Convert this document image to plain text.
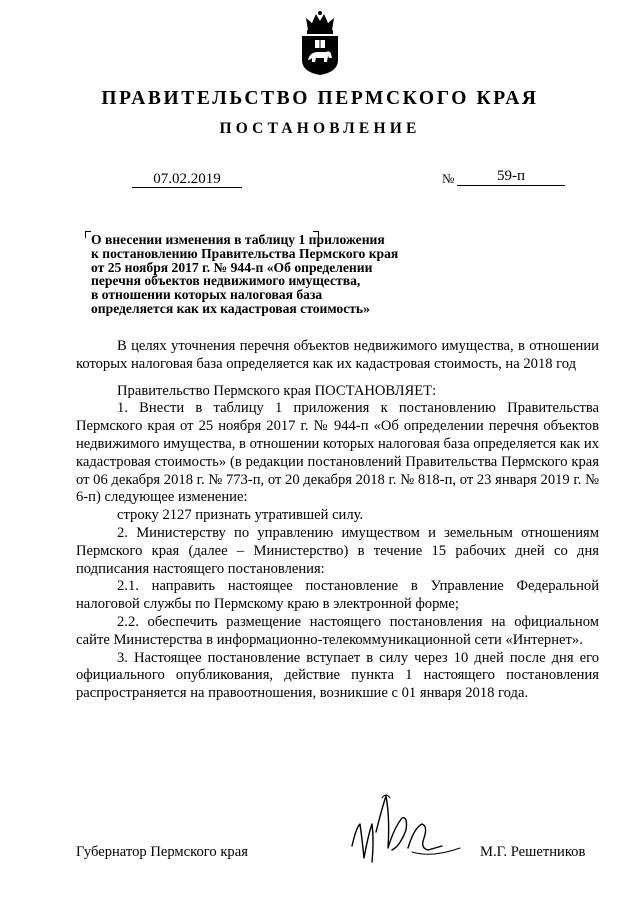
ПРАВИТЕЛЬСТВО ПЕРМСКОГО КРАЯ
ПОСТАНОВЛЕНИЕ
07.02.2019	№	59-п
О внесении изменения в таблицу 1 приложения
к постановлению Правительства Пермского края
от 25 ноября 2017 г. № 944-п «Об определении
перечня объектов недвижимого имущества,
в отношении которых налоговая база
определяется как их кадастровая стоимость»

В целях уточнения перечня объектов недвижимого имущества, в отношении которых налоговая база определяется как их кадастровая стоимость, на 2018 год

Правительство Пермского края ПОСТАНОВЛЯЕТ:

1. Внести в таблицу 1 приложения к постановлению Правительства Пермского края от 25 ноября 2017 г. № 944-п «Об определении перечня объектов недвижимого имущества, в отношении которых налоговая база определяется как их кадастровая стоимость» (в редакции постановлений Правительства Пермского края от 06 декабря 2018 г. № 773-п, от 20 декабря 2018 г. № 818-п, от 23 января 2019 г. № 6-п) следующее изменение:

строку 2127 признать утратившей силу.

2. Министерству по управлению имуществом и земельным отношениям Пермского края (далее – Министерство) в течение 15 рабочих дней со дня подписания настоящего постановления:

2.1. направить настоящее постановление в Управление Федеральной налоговой службы по Пермскому краю в электронной форме;

2.2. обеспечить размещение настоящего постановления на официальном сайте Министерства в информационно-телекоммуникационной сети «Интернет».

3. Настоящее постановление вступает в силу через 10 дней после дня его официального опубликования, действие пункта 1 настоящего постановления распространяется на правоотношения, возникшие с 01 января 2018 года.

Губернатор Пермского края	М.Г. Решетников
